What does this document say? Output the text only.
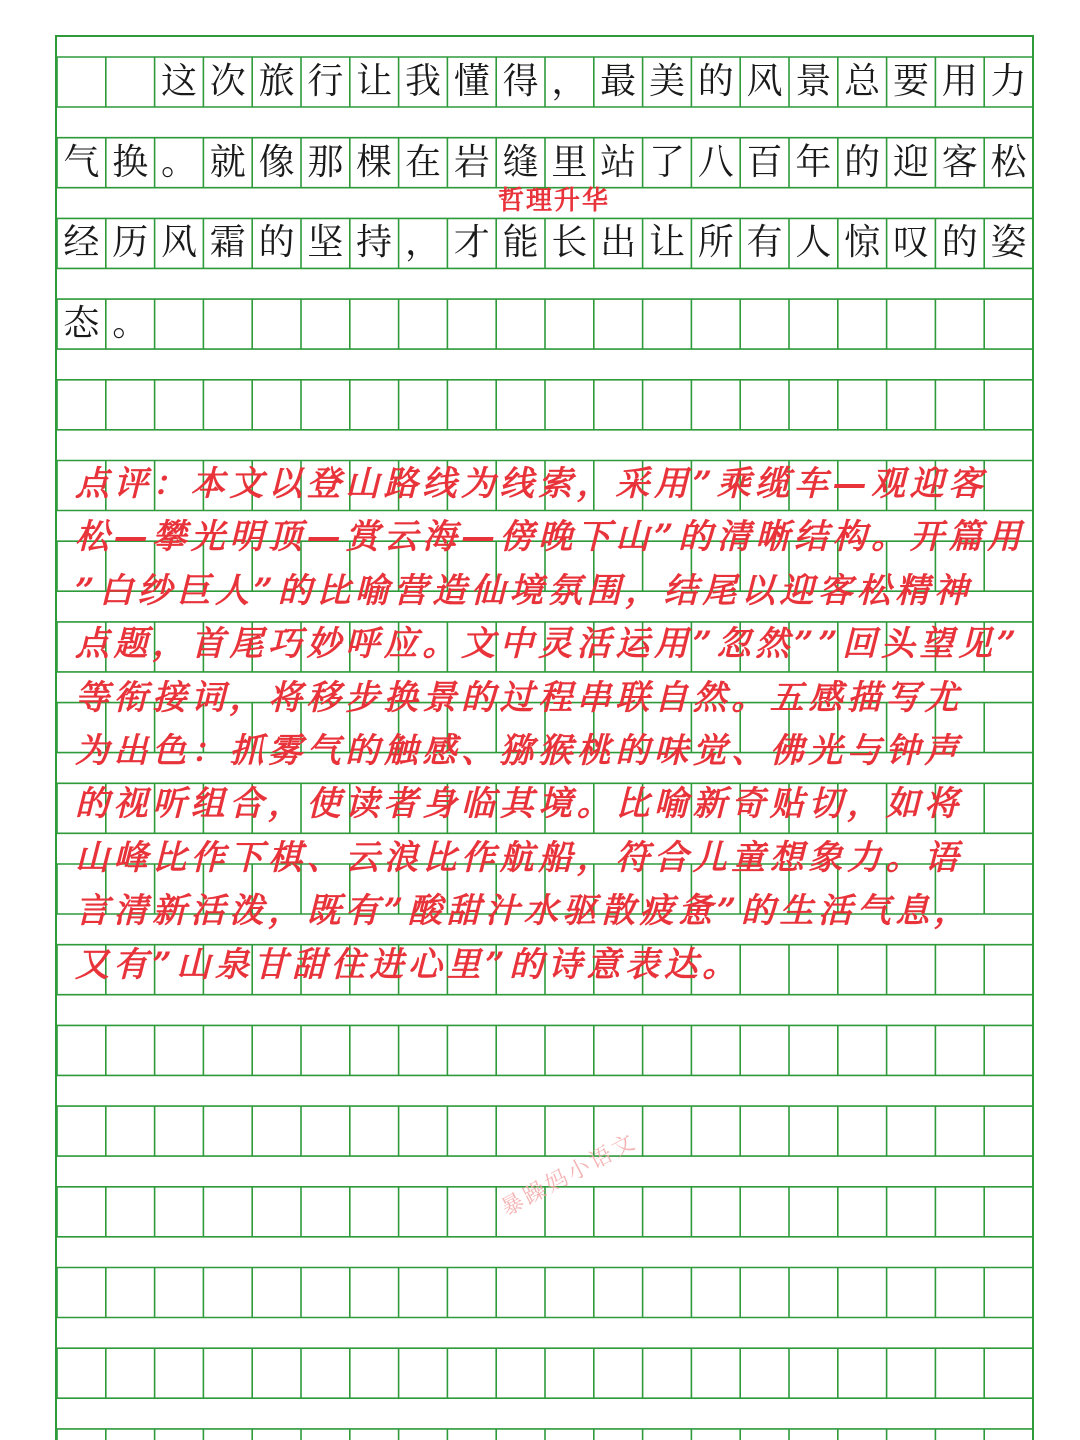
这 次 旅 行 让 我 懂 得 ， 最 美 的 风 景 总 要 用 力
气 换 。 就 像 那 棵 在 岩 缝 里 站 了 八 百 年 的 迎 客 松
经 历 风 霜 的 坚 持 ， 才 能 长 出 让 所 有 人 惊 叹 的 姿
态 。
哲理升华
点评：本文以登山路线为线索，采用”乘缆车—观迎客
松—攀光明顶—赏云海—傍晚下山”的清晰结构。开篇用
”白纱巨人”的比喻营造仙境氛围，结尾以迎客松精神
点题，首尾巧妙呼应。文中灵活运用”忽然””回头望见”
等衔接词，将移步换景的过程串联自然。五感描写尤
为出色：抓雾气的触感、猕猴桃的味觉、佛光与钟声
的视听组合，使读者身临其境。比喻新奇贴切，如将
山峰比作下棋、云浪比作航船，符合儿童想象力。语
言清新活泼，既有”酸甜汁水驱散疲惫”的生活气息，
又有”山泉甘甜住进心里”的诗意表达。
暴躁妈小语文
